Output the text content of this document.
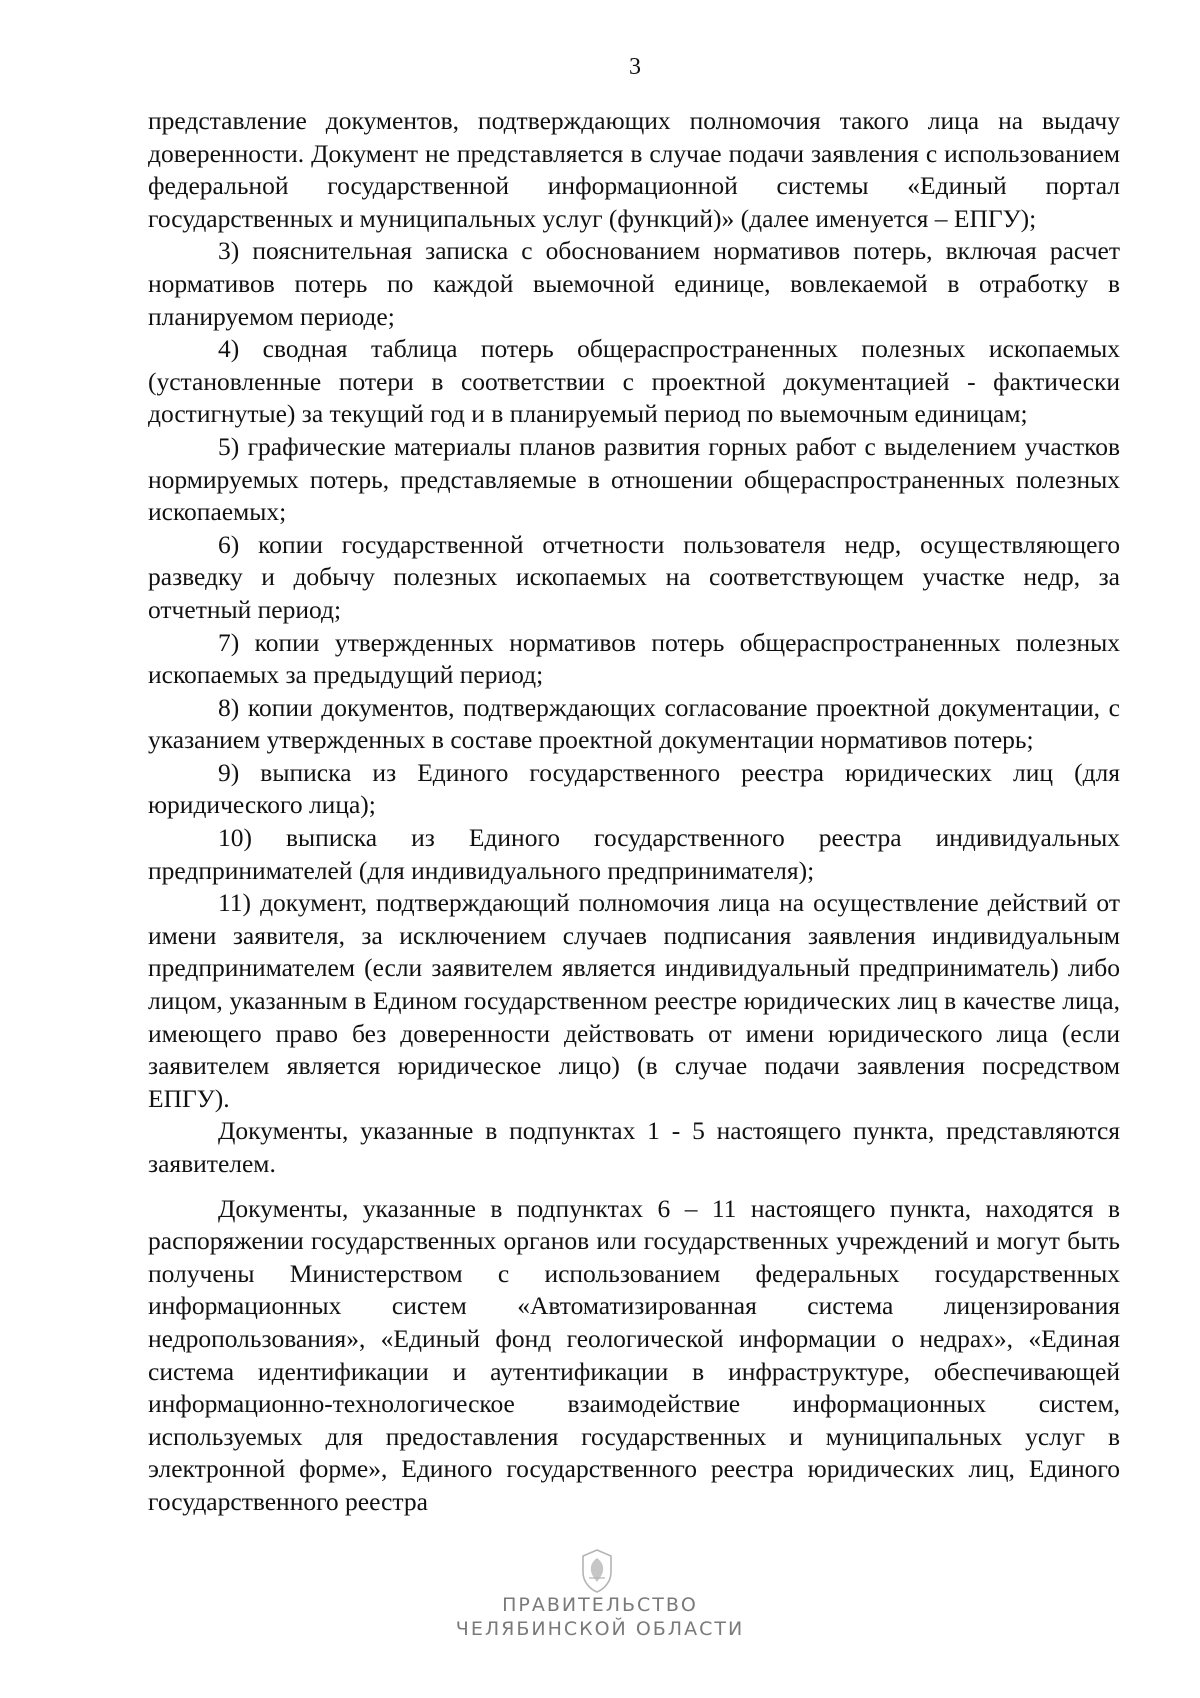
3

представление документов, подтверждающих полномочия такого лица на выдачу доверенности. Документ не представляется в случае подачи заявления с использованием федеральной государственной информационной системы «Единый портал государственных и муниципальных услуг (функций)» (далее именуется – ЕПГУ);

3) пояснительная записка с обоснованием нормативов потерь, включая расчет нормативов потерь по каждой выемочной единице, вовлекаемой в отработку в планируемом периоде;

4) сводная таблица потерь общераспространенных полезных ископаемых (установленные потери в соответствии с проектной документацией - фактически достигнутые) за текущий год и в планируемый период по выемочным единицам;

5) графические материалы планов развития горных работ с выделением участков нормируемых потерь, представляемые в отношении общераспространенных полезных ископаемых;

6) копии государственной отчетности пользователя недр, осуществляющего разведку и добычу полезных ископаемых на соответствующем участке недр, за отчетный период;

7) копии утвержденных нормативов потерь общераспространенных полезных ископаемых за предыдущий период;

8) копии документов, подтверждающих согласование проектной документации, с указанием утвержденных в составе проектной документации нормативов потерь;

9) выписка из Единого государственного реестра юридических лиц (для юридического лица);

10) выписка из Единого государственного реестра индивидуальных предпринимателей (для индивидуального предпринимателя);

11) документ, подтверждающий полномочия лица на осуществление действий от имени заявителя, за исключением случаев подписания заявления индивидуальным предпринимателем (если заявителем является индивидуальный предприниматель) либо лицом, указанным в Едином государственном реестре юридических лиц в качестве лица, имеющего право без доверенности действовать от имени юридического лица (если заявителем является юридическое лицо) (в случае подачи заявления посредством ЕПГУ).

Документы, указанные в подпунктах 1 - 5 настоящего пункта, представляются заявителем.

Документы, указанные в подпунктах 6 – 11 настоящего пункта, находятся в распоряжении государственных органов или государственных учреждений и могут быть получены Министерством с использованием федеральных государственных информационных систем «Автоматизированная система лицензирования недропользования», «Единый фонд геологической информации о недрах», «Единая система идентификации и аутентификации в инфраструктуре, обеспечивающей информационно-технологическое взаимодействие информационных систем, используемых для предоставления государственных и муниципальных услуг в электронной форме», Единого государственного реестра юридических лиц, Единого государственного реестра

ПРАВИТЕЛЬСТВО
ЧЕЛЯБИНСКОЙ ОБЛАСТИ
